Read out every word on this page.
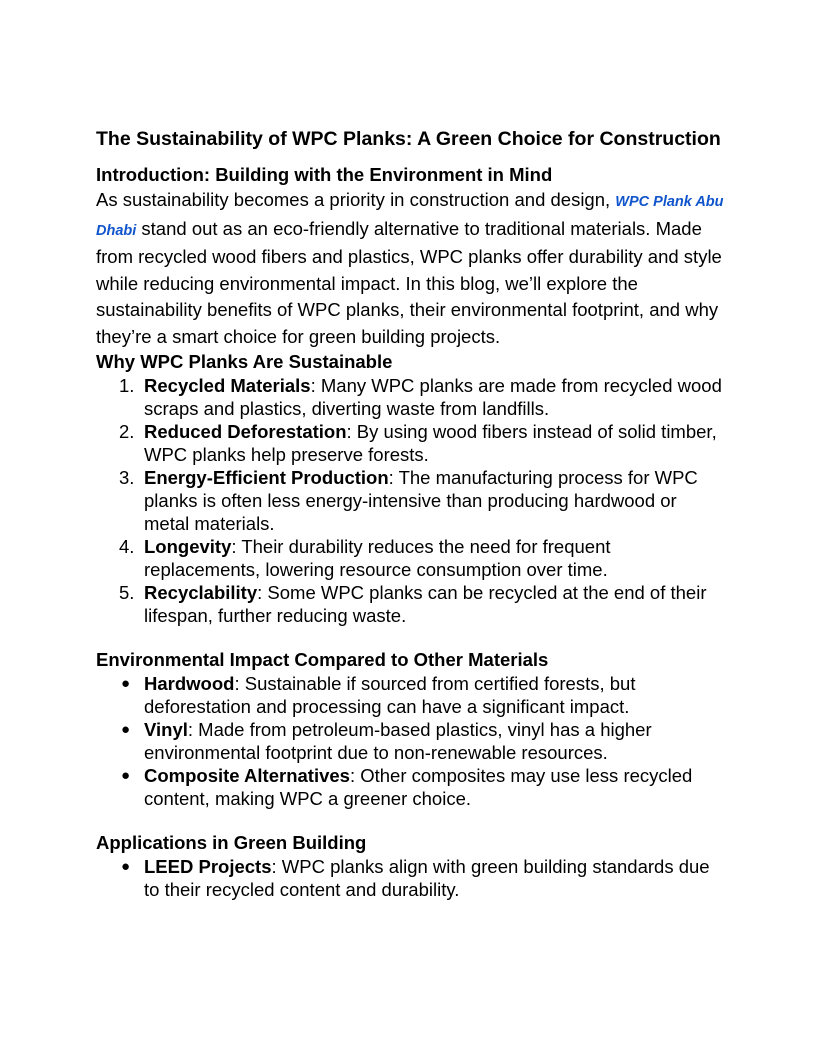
The Sustainability of WPC Planks: A Green Choice for Construction
Introduction: Building with the Environment in Mind

As sustainability becomes a priority in construction and design, WPC Plank Abu Dhabi stand out as an eco-friendly alternative to traditional materials. Made from recycled wood fibers and plastics, WPC planks offer durability and style while reducing environmental impact. In this blog, we’ll explore the sustainability benefits of WPC planks, their environmental footprint, and why they’re a smart choice for green building projects.

Why WPC Planks Are Sustainable
1. Recycled Materials: Many WPC planks are made from recycled wood scraps and plastics, diverting waste from landfills.
2. Reduced Deforestation: By using wood fibers instead of solid timber, WPC planks help preserve forests.
3. Energy-Efficient Production: The manufacturing process for WPC planks is often less energy-intensive than producing hardwood or metal materials.
4. Longevity: Their durability reduces the need for frequent replacements, lowering resource consumption over time.
5. Recyclability: Some WPC planks can be recycled at the end of their lifespan, further reducing waste.
Environmental Impact Compared to Other Materials
● Hardwood: Sustainable if sourced from certified forests, but deforestation and processing can have a significant impact.
● Vinyl: Made from petroleum-based plastics, vinyl has a higher environmental footprint due to non-renewable resources.
● Composite Alternatives: Other composites may use less recycled content, making WPC a greener choice.
Applications in Green Building
● LEED Projects: WPC planks align with green building standards due to their recycled content and durability.
